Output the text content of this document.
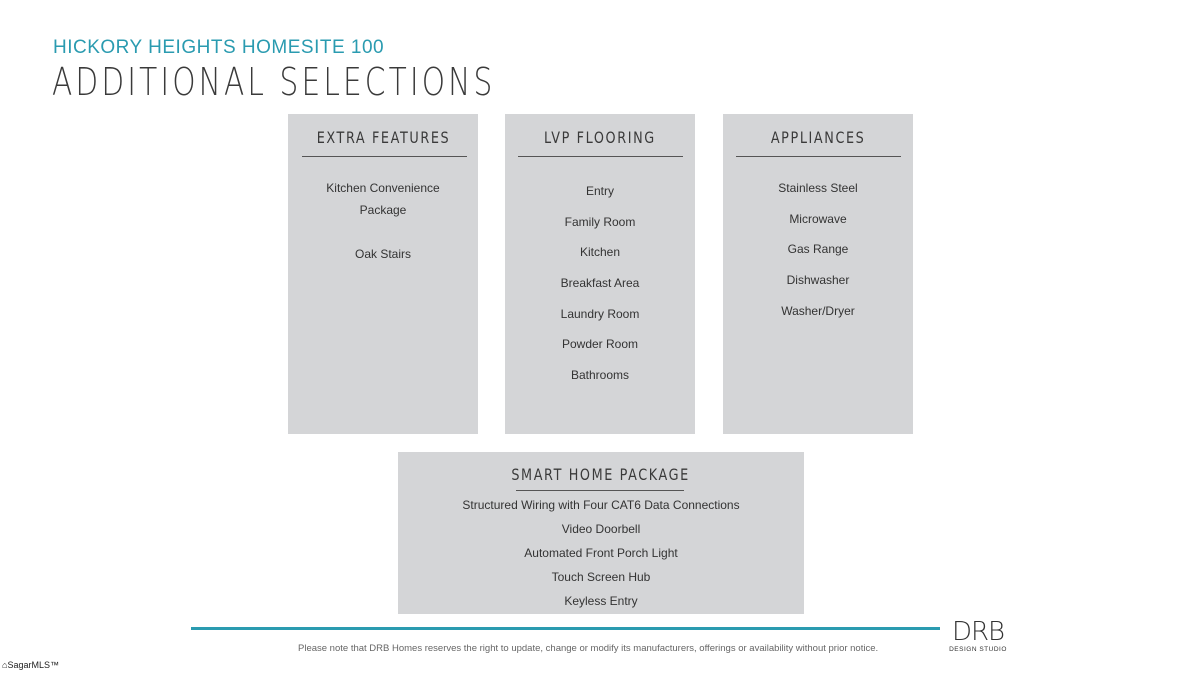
HICKORY HEIGHTS HOMESITE 100
ADDITIONAL SELECTIONS
EXTRA FEATURES
Kitchen Convenience
Package
Oak Stairs
LVP FLOORING
Entry
Family Room
Kitchen
Breakfast Area
Laundry Room
Powder Room
Bathrooms
APPLIANCES
Stainless Steel
Microwave
Gas Range
Dishwasher
Washer/Dryer
SMART HOME PACKAGE
Structured Wiring with Four CAT6 Data Connections
Video Doorbell
Automated Front Porch Light
Touch Screen Hub
Keyless Entry
Please note that DRB Homes reserves the right to update, change or modify its manufacturers, offerings or availability without prior notice.
DRB
DESIGN STUDIO
⌂SagarMLS™
